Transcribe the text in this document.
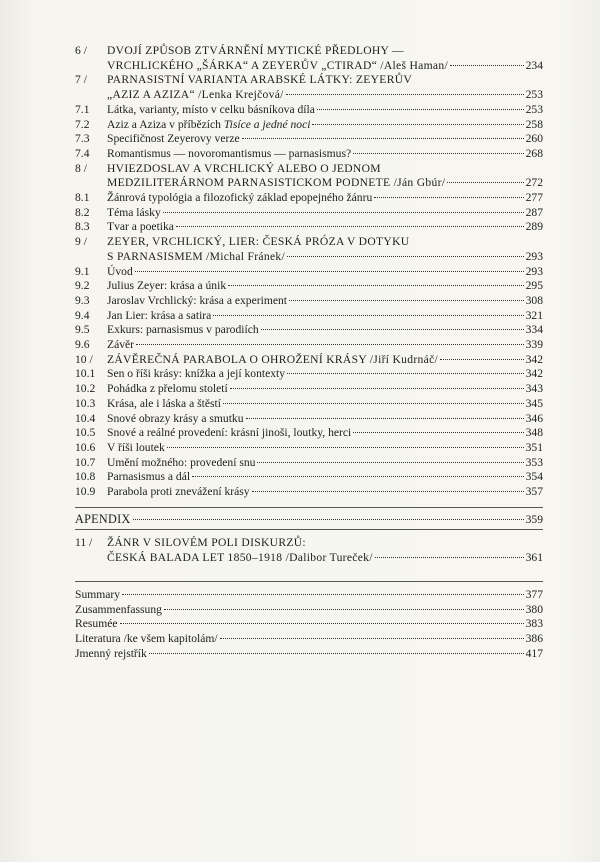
6 / DVOJÍ ZPŮSOB ZTVÁRNĚNÍ MYTICKÉ PŘEDLOHY —
VRCHLICKÉHO „ŠÁRKA“ A ZEYERŮV „CTIRAD“ /Aleš Haman/	234
7 / PARNASISTNÍ VARIANTA ARABSKÉ LÁTKY: ZEYERŮV
„AZIZ A AZIZA“ /Lenka Krejčová/	253
7.1 Látka, varianty, místo v celku básníkova díla	253
7.2 Aziz a Aziza v příbězích Tisíce a jedné noci	258
7.3 Specifičnost Zeyerovy verze	260
7.4 Romantismus — novoromantismus — parnasismus?	268
8 / HVIEZDOSLAV A VRCHLICKÝ ALEBO O JEDNOM
MEDZILITERÁRNOM PARNASISTICKOM PODNETE /Ján Gbúr/	272
8.1 Žánrová typológia a filozofický základ epopejného žánru	277
8.2 Téma lásky	287
8.3 Tvar a poetika	289
9 / ZEYER, VRCHLICKÝ, LIER: ČESKÁ PRÓZA V DOTYKU
S PARNASISMEM /Michal Fránek/	293
9.1 Úvod	293
9.2 Julius Zeyer: krása a únik	295
9.3 Jaroslav Vrchlický: krása a experiment	308
9.4 Jan Lier: krása a satira	321
9.5 Exkurs: parnasismus v parodiích	334
9.6 Závěr	339
10 / ZÁVĚREČNÁ PARABOLA O OHROŽENÍ KRÁSY /Jiří Kudrnáč/	342
10.1 Sen o říši krásy: knížka a její kontexty	342
10.2 Pohádka z přelomu století	343
10.3 Krása, ale i láska a štěstí	345
10.4 Snové obrazy krásy a smutku	346
10.5 Snové a reálné provedení: krásní jinoši, loutky, herci	348
10.6 V říši loutek	351
10.7 Umění možného: provedení snu	353
10.8 Parnasismus a dál	354
10.9 Parabola proti znevážení krásy	357
APENDIX	359
11 / ŽÁNR V SILOVÉM POLI DISKURZŮ:
ČESKÁ BALADA LET 1850–1918 /Dalibor Tureček/	361
Summary	377
Zusammenfassung	380
Resumée	383
Literatura /ke všem kapitolám/	386
Jmenný rejstřík	417
